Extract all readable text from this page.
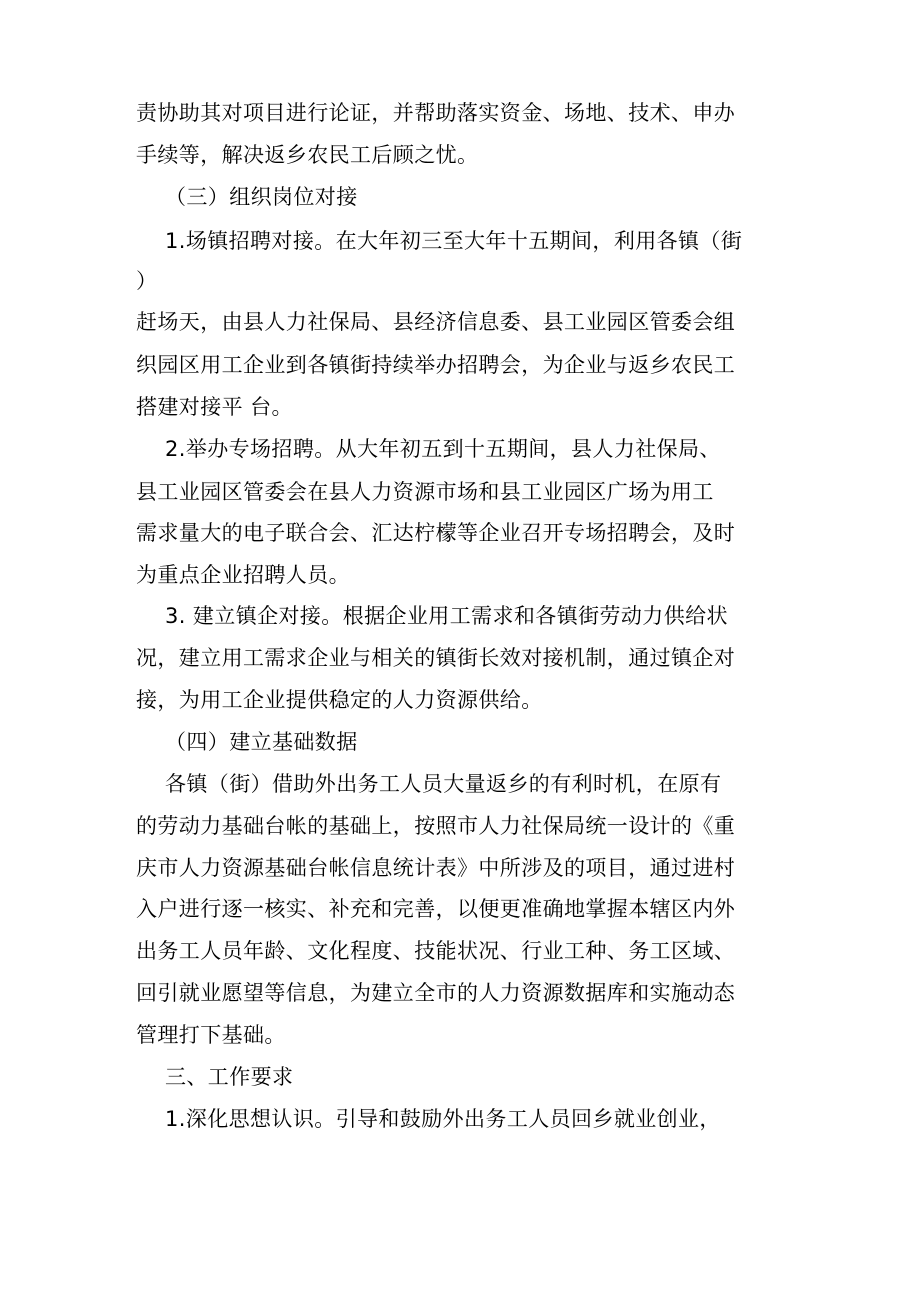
责协助其对项目进行论证，并帮助落实资金、场地、技术、申办
手续等，解决返乡农民工后顾之忧。
（三）组织岗位对接
1.场镇招聘对接。在大年初三至大年十五期间，利用各镇（街
）
赶场天，由县人力社保局、县经济信息委、县工业园区管委会组
织园区用工企业到各镇街持续举办招聘会，为企业与返乡农民工
搭建对接平 台。
2.举办专场招聘。从大年初五到十五期间，县人力社保局、
县工业园区管委会在县人力资源市场和县工业园区广场为用工
需求量大的电子联合会、汇达柠檬等企业召开专场招聘会，及时
为重点企业招聘人员。
3. 建立镇企对接。根据企业用工需求和各镇街劳动力供给状
况，建立用工需求企业与相关的镇街长效对接机制，通过镇企对
接，为用工企业提供稳定的人力资源供给。
（四）建立基础数据
各镇（街）借助外出务工人员大量返乡的有利时机，在原有
的劳动力基础台帐的基础上，按照市人力社保局统一设计的《重
庆市人力资源基础台帐信息统计表》中所涉及的项目，通过进村
入户进行逐一核实、补充和完善，以便更准确地掌握本辖区内外
出务工人员年龄、文化程度、技能状况、行业工种、务工区域、
回引就业愿望等信息，为建立全市的人力资源数据库和实施动态
管理打下基础。
三、工作要求
1.深化思想认识。引导和鼓励外出务工人员回乡就业创业，
